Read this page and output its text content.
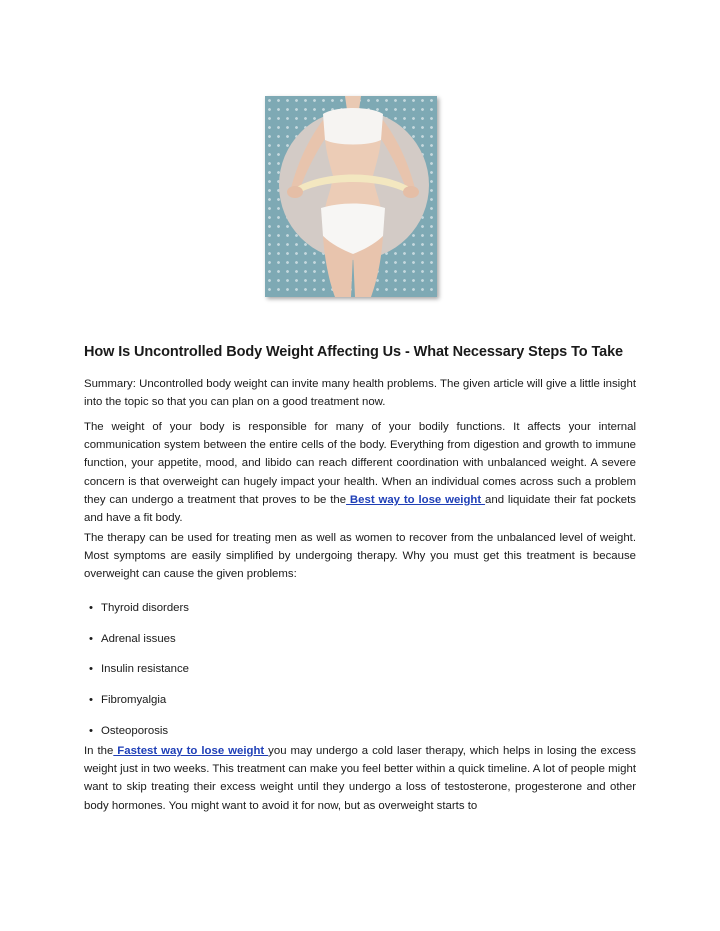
How Is Uncontrolled Body Weight Affecting Us - What Necessary Steps To Take

Summary: Uncontrolled body weight can invite many health problems. The given article will give a little insight into the topic so that you can plan on a good treatment now.

The weight of your body is responsible for many of your bodily functions. It affects your internal communication system between the entire cells of the body. Everything from digestion and growth to immune function, your appetite, mood, and libido can reach different coordination with unbalanced weight. A severe concern is that overweight can hugely impact your health. When an individual comes across such a problem they can undergo a treatment that proves to be the Best way to lose weight and liquidate their fat pockets and have a fit body.

The therapy can be used for treating men as well as women to recover from the unbalanced level of weight. Most symptoms are easily simplified by undergoing therapy. Why you must get this treatment is because overweight can cause the given problems:

• Thyroid disorders
• Adrenal issues
• Insulin resistance
• Fibromyalgia
• Osteoporosis

In the Fastest way to lose weight you may undergo a cold laser therapy, which helps in losing the excess weight just in two weeks. This treatment can make you feel better within a quick timeline. A lot of people might want to skip treating their excess weight until they undergo a loss of testosterone, progesterone and other body hormones. You might want to avoid it for now, but as overweight starts to
